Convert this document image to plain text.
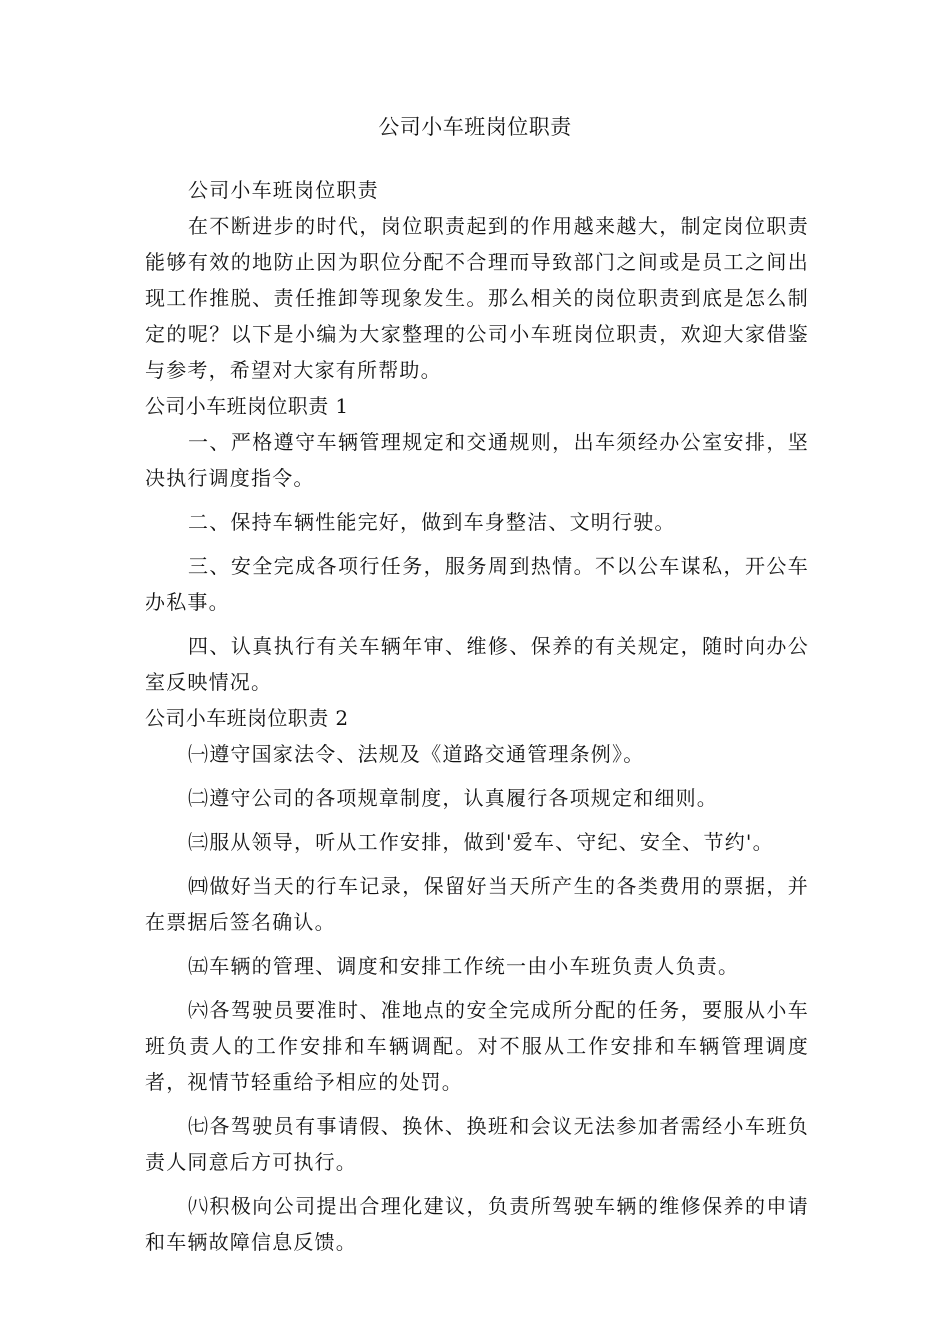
公司小车班岗位职责

公司小车班岗位职责

在不断进步的时代，岗位职责起到的作用越来越大，制定岗位职责能够有效的地防止因为职位分配不合理而导致部门之间或是员工之间出现工作推脱、责任推卸等现象发生。那么相关的岗位职责到底是怎么制定的呢？以下是小编为大家整理的公司小车班岗位职责，欢迎大家借鉴与参考，希望对大家有所帮助。

公司小车班岗位职责 1

一、严格遵守车辆管理规定和交通规则，出车须经办公室安排，坚决执行调度指令。

二、保持车辆性能完好，做到车身整洁、文明行驶。

三、安全完成各项行任务，服务周到热情。不以公车谋私，开公车办私事。

四、认真执行有关车辆年审、维修、保养的有关规定，随时向办公室反映情况。

公司小车班岗位职责 2

㈠遵守国家法令、法规及《道路交通管理条例》。

㈡遵守公司的各项规章制度，认真履行各项规定和细则。

㈢服从领导，听从工作安排，做到'爱车、守纪、安全、节约'。

㈣做好当天的行车记录，保留好当天所产生的各类费用的票据，并在票据后签名确认。

㈤车辆的管理、调度和安排工作统一由小车班负责人负责。

㈥各驾驶员要准时、准地点的安全完成所分配的任务，要服从小车班负责人的工作安排和车辆调配。对不服从工作安排和车辆管理调度者，视情节轻重给予相应的处罚。

㈦各驾驶员有事请假、换休、换班和会议无法参加者需经小车班负责人同意后方可执行。

㈧积极向公司提出合理化建议，负责所驾驶车辆的维修保养的申请和车辆故障信息反馈。
